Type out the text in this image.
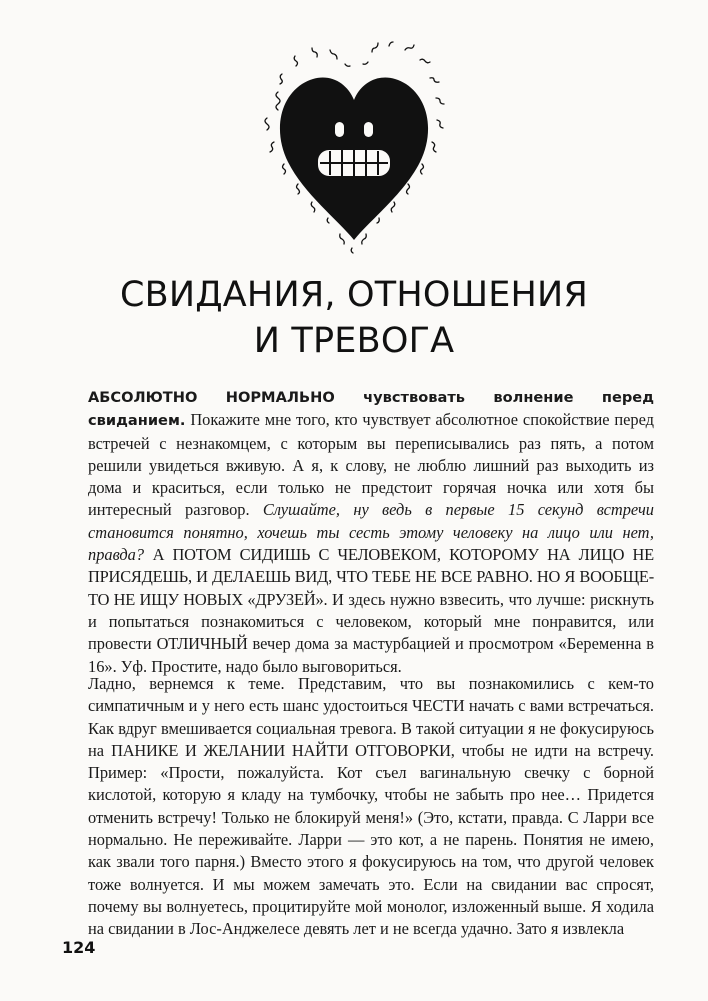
СВИДАНИЯ, ОТНОШЕНИЯ
И ТРЕВОГА

АБСОЛЮТНО НОРМАЛЬНО чувствовать волнение перед свиданием. Покажите мне того, кто чувствует абсолютное спокойствие перед встречей с незнакомцем, с которым вы переписывались раз пять, а потом решили увидеться вживую. А я, к слову, не люблю лишний раз выходить из дома и краситься, если только не предстоит горячая ночка или хотя бы интересный разговор. Слушайте, ну ведь в первые 15 секунд встречи становится понятно, хочешь ты сесть этому человеку на лицо или нет, правда? А ПОТОМ СИДИШЬ С ЧЕЛОВЕКОМ, КОТОРОМУ НА ЛИЦО НЕ ПРИСЯДЕШЬ, И ДЕЛАЕШЬ ВИД, ЧТО ТЕБЕ НЕ ВСЕ РАВНО. НО Я ВООБЩЕ-ТО НЕ ИЩУ НОВЫХ «ДРУЗЕЙ». И здесь нужно взвесить, что лучше: рискнуть и попытаться познакомиться с человеком, который мне понравится, или провести ОТЛИЧНЫЙ вечер дома за мастурбацией и просмотром «Беременна в 16». Уф. Простите, надо было выговориться.

Ладно, вернемся к теме. Представим, что вы познакомились с кем-то симпатичным и у него есть шанс удостоиться ЧЕСТИ начать с вами встречаться. Как вдруг вмешивается социальная тревога. В такой ситуации я не фокусируюсь на ПАНИКЕ И ЖЕЛАНИИ НАЙТИ ОТГОВОРКИ, чтобы не идти на встречу. Пример: «Прости, пожалуйста. Кот съел вагинальную свечку с борной кислотой, которую я кладу на тумбочку, чтобы не забыть про нее… Придется отменить встречу! Только не блокируй меня!» (Это, кстати, правда. С Ларри все нормально. Не переживайте. Ларри — это кот, а не парень. Понятия не имею, как звали того парня.) Вместо этого я фокусируюсь на том, что другой человек тоже волнуется. И мы можем замечать это. Если на свидании вас спросят, почему вы волнуетесь, процитируйте мой монолог, изложенный выше. Я ходила на свидании в Лос-Анджелесе девять лет и не всегда удачно. Зато я извлекла

124
